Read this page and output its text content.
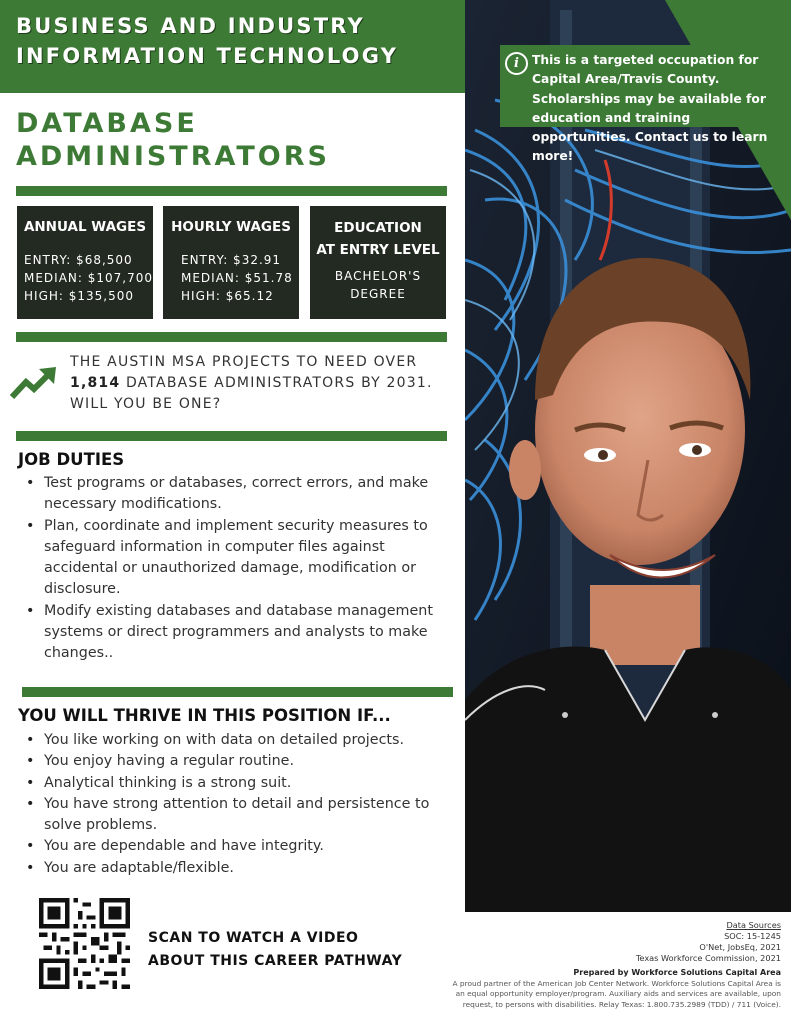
BUSINESS AND INDUSTRY
INFORMATION TECHNOLOGY
DATABASE
ADMINISTRATORS
ANNUAL WAGES
ENTRY: $68,500
MEDIAN: $107,700
HIGH: $135,500
HOURLY WAGES
ENTRY: $32.91
MEDIAN: $51.78
HIGH: $65.12
EDUCATION
AT ENTRY LEVEL
BACHELOR'S
DEGREE
THE AUSTIN MSA PROJECTS TO NEED OVER
1,814 DATABASE ADMINISTRATORS BY 2031.
WILL YOU BE ONE?
JOB DUTIES
• Test programs or databases, correct errors, and make necessary modifications.
• Plan, coordinate and implement security measures to safeguard information in computer files against accidental or unauthorized damage, modification or disclosure.
• Modify existing databases and database management systems or direct programmers and analysts to make changes..
YOU WILL THRIVE IN THIS POSITION IF...
• You like working on with data on detailed projects.
• You enjoy having a regular routine.
• Analytical thinking is a strong suit.
• You have strong attention to detail and persistence to solve problems.
• You are dependable and have integrity.
• You are adaptable/flexible.
i	This is a targeted occupation for Capital Area/Travis County. Scholarships may be available for education and training opportunities. Contact us to learn more!
SCAN TO WATCH A VIDEO
ABOUT THIS CAREER PATHWAY
Data Sources
SOC: 15-1245
O'Net, JobsEq, 2021
Texas Workforce Commission, 2021
Prepared by Workforce Solutions Capital Area
A proud partner of the American Job Center Network. Workforce Solutions Capital Area is
an equal opportunity employer/program. Auxiliary aids and services are available, upon
request, to persons with disabilities. Relay Texas: 1.800.735.2989 (TDD) / 711 (Voice).
